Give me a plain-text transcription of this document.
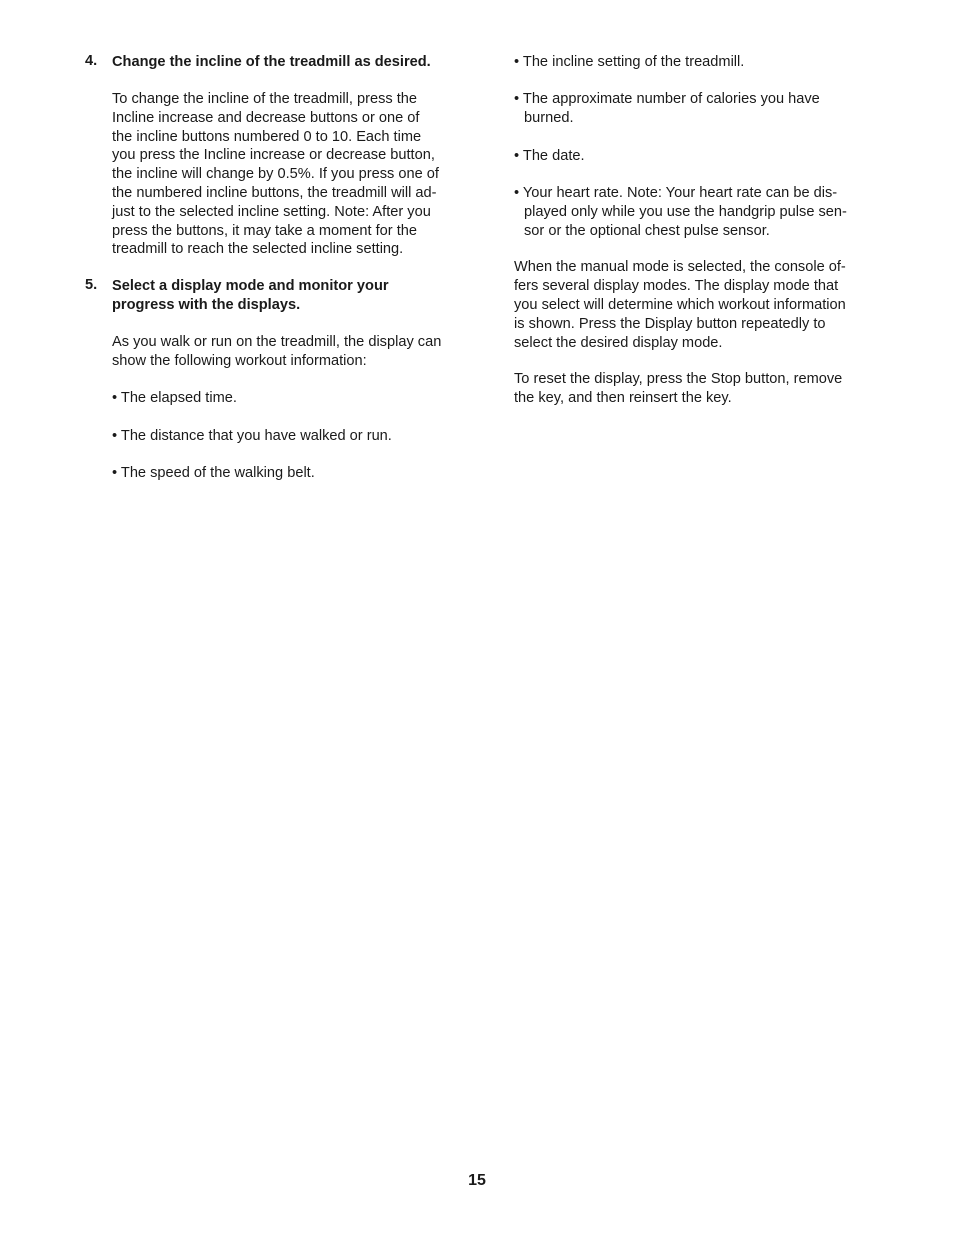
4. Change the incline of the treadmill as desired.
To change the incline of the treadmill, press the
Incline increase and decrease buttons or one of
the incline buttons numbered 0 to 10. Each time
you press the Incline increase or decrease button,
the incline will change by 0.5%. If you press one of
the numbered incline buttons, the treadmill will ad-
just to the selected incline setting. Note: After you
press the buttons, it may take a moment for the
treadmill to reach the selected incline setting.
5. Select a display mode and monitor your
progress with the displays.
As you walk or run on the treadmill, the display can
show the following workout information:
• The elapsed time.
• The distance that you have walked or run.
• The speed of the walking belt.
• The incline setting of the treadmill.
• The approximate number of calories you have
burned.
• The date.
• Your heart rate. Note: Your heart rate can be dis-
played only while you use the handgrip pulse sen-
sor or the optional chest pulse sensor.
When the manual mode is selected, the console of-
fers several display modes. The display mode that
you select will determine which workout information
is shown. Press the Display button repeatedly to
select the desired display mode.
To reset the display, press the Stop button, remove
the key, and then reinsert the key.
15
